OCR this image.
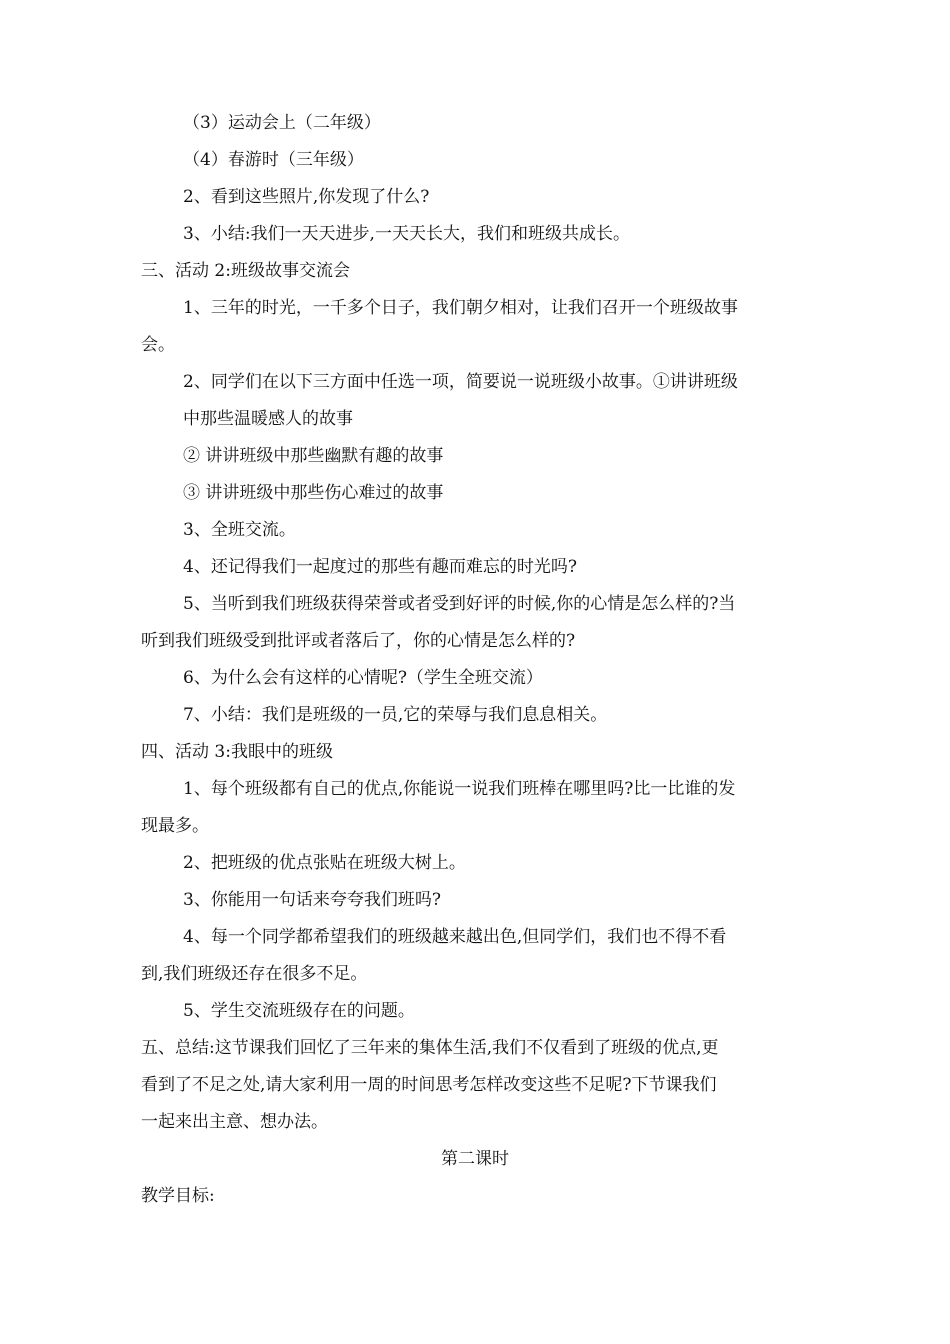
（3）运动会上（二年级）
（4）春游时（三年级）
2、看到这些照片,你发现了什么?
3、小结:我们一天天进步,一天天长大，我们和班级共成长。
三、活动 2:班级故事交流会
1、三年的时光，一千多个日子，我们朝夕相对，让我们召开一个班级故事
会。
2、同学们在以下三方面中任选一项，简要说一说班级小故事。①讲讲班级
中那些温暖感人的故事
② 讲讲班级中那些幽默有趣的故事
③ 讲讲班级中那些伤心难过的故事
3、全班交流。
4、还记得我们一起度过的那些有趣而难忘的时光吗?
5、当听到我们班级获得荣誉或者受到好评的时候,你的心情是怎么样的?当
听到我们班级受到批评或者落后了，你的心情是怎么样的?
6、为什么会有这样的心情呢?（学生全班交流）
7、小结：我们是班级的一员,它的荣辱与我们息息相关。
四、活动 3:我眼中的班级
1、每个班级都有自己的优点,你能说一说我们班棒在哪里吗?比一比谁的发
现最多。
2、把班级的优点张贴在班级大树上。
3、你能用一句话来夸夸我们班吗?
4、每一个同学都希望我们的班级越来越出色,但同学们，我们也不得不看
到,我们班级还存在很多不足。
5、学生交流班级存在的问题。
五、总结:这节课我们回忆了三年来的集体生活,我们不仅看到了班级的优点,更
看到了不足之处,请大家利用一周的时间思考怎样改变这些不足呢?下节课我们
一起来出主意、想办法。
第二课时
教学目标:
